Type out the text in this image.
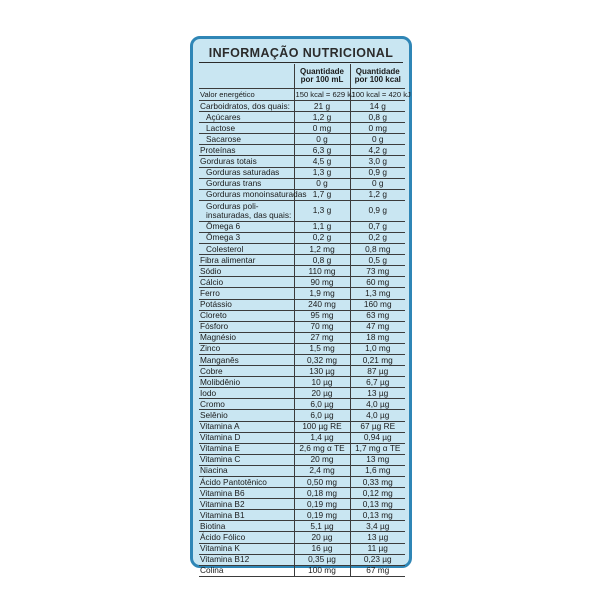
INFORMAÇÃO NUTRICIONAL
	Quantidade por 100 mL	Quantidade por 100 kcal
Valor energético	150 kcal = 629 kJ	100 kcal = 420 kJ
Carboidratos, dos quais:	21 g	14 g
Açúcares	1,2 g	0,8 g
Lactose	0 mg	0 mg
Sacarose	0 g	0 g
Proteínas	6,3 g	4,2 g
Gorduras totais	4,5 g	3,0 g
Gorduras saturadas	1,3 g	0,9 g
Gorduras trans	0 g	0 g
Gorduras monoinsaturadas	1,7 g	1,2 g
Gorduras poli-insaturadas, das quais:	1,3 g	0,9 g
Ômega 6	1,1 g	0,7 g
Ômega 3	0,2 g	0,2 g
Colesterol	1,2 mg	0,8 mg
Fibra alimentar	0,8 g	0,5 g
Sódio	110 mg	73 mg
Cálcio	90 mg	60 mg
Ferro	1,9 mg	1,3 mg
Potássio	240 mg	160 mg
Cloreto	95 mg	63 mg
Fósforo	70 mg	47 mg
Magnésio	27 mg	18 mg
Zinco	1,5 mg	1,0 mg
Manganês	0,32 mg	0,21 mg
Cobre	130 µg	87 µg
Molibdênio	10 µg	6,7 µg
Iodo	20 µg	13 µg
Cromo	6,0 µg	4,0 µg
Selênio	6,0 µg	4,0 µg
Vitamina A	100 µg RE	67 µg RE
Vitamina D	1,4 µg	0,94 µg
Vitamina E	2,6 mg α TE	1,7 mg α TE
Vitamina C	20 mg	13 mg
Niacina	2,4 mg	1,6 mg
Ácido Pantotênico	0,50 mg	0,33 mg
Vitamina B6	0,18 mg	0,12 mg
Vitamina B2	0,19 mg	0,13 mg
Vitamina B1	0,19 mg	0,13 mg
Biotina	5,1 µg	3,4 µg
Ácido Fólico	20 µg	13 µg
Vitamina K	16 µg	11 µg
Vitamina B12	0,35 µg	0,23 µg
Colina	100 mg	67 mg
